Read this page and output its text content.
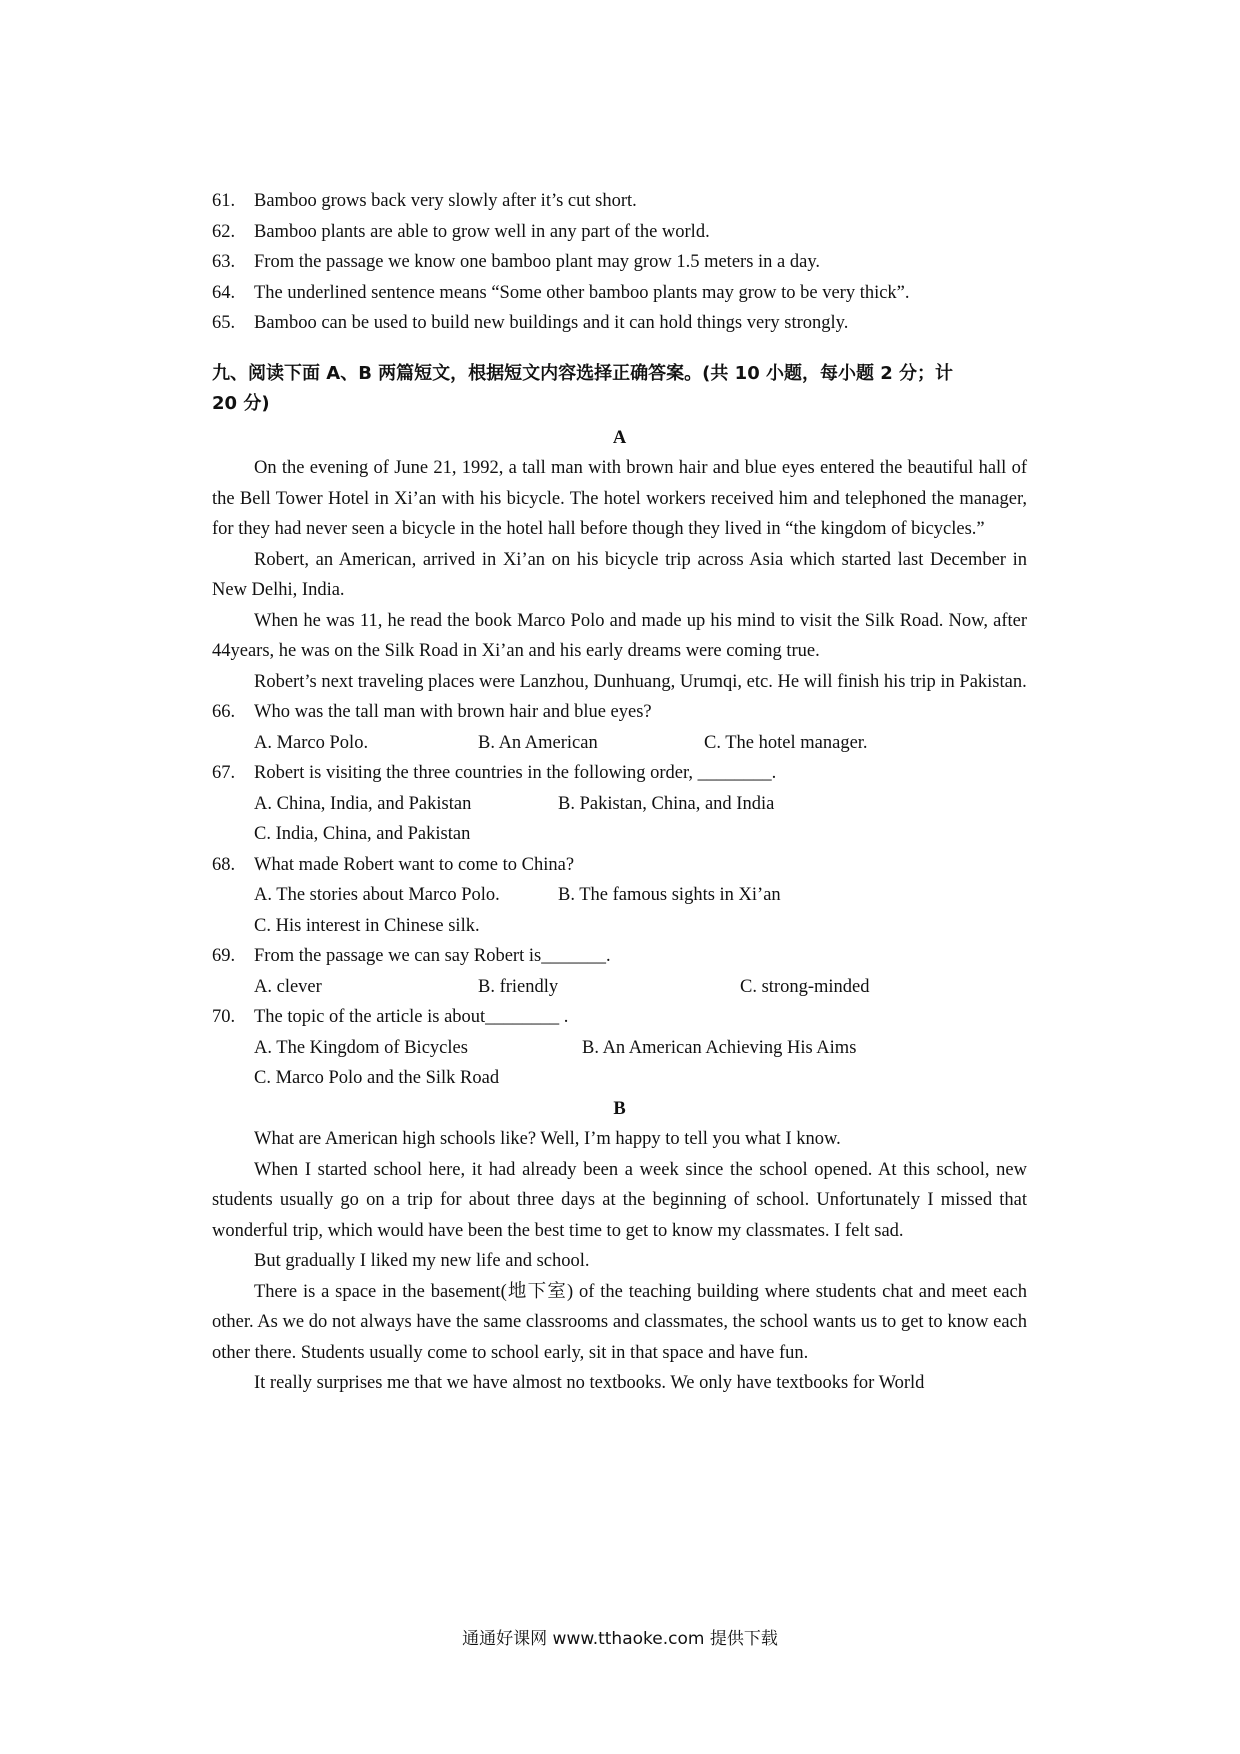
61. Bamboo grows back very slowly after it’s cut short.
62. Bamboo plants are able to grow well in any part of the world.
63. From the passage we know one bamboo plant may grow 1.5 meters in a day.
64. The underlined sentence means “Some other bamboo plants may grow to be very thick”.
65. Bamboo can be used to build new buildings and it can hold things very strongly.
九、阅读下面 A、B 两篇短文，根据短文内容选择正确答案。(共 10 小题，每小题 2 分；计
20 分)
A
On the evening of June 21, 1992, a tall man with brown hair and blue eyes entered the beautiful hall of the Bell Tower Hotel in Xi’an with his bicycle. The hotel workers received him and telephoned the manager, for they had never seen a bicycle in the hotel hall before though they lived in “the kingdom of bicycles.”
Robert, an American, arrived in Xi’an on his bicycle trip across Asia which started last December in New Delhi, India.
When he was 11, he read the book Marco Polo and made up his mind to visit the Silk Road. Now, after 44years, he was on the Silk Road in Xi’an and his early dreams were coming true.
Robert’s next traveling places were Lanzhou, Dunhuang, Urumqi, etc. He will finish his trip in Pakistan.
66. Who was the tall man with brown hair and blue eyes?
A. Marco Polo.	B. An American	C. The hotel manager.
67. Robert is visiting the three countries in the following order, ________.
A. China, India, and Pakistan	B. Pakistan, China, and India
C. India, China, and Pakistan
68. What made Robert want to come to China?
A. The stories about Marco Polo.	B. The famous sights in Xi’an
C. His interest in Chinese silk.
69. From the passage we can say Robert is_______.
A. clever	B. friendly	C. strong-minded
70. The topic of the article is about________ .
A. The Kingdom of Bicycles	B. An American Achieving His Aims
C. Marco Polo and the Silk Road
B
What are American high schools like? Well, I’m happy to tell you what I know.
When I started school here, it had already been a week since the school opened. At this school, new students usually go on a trip for about three days at the beginning of school. Unfortunately I missed that wonderful trip, which would have been the best time to get to know my classmates. I felt sad.
But gradually I liked my new life and school.
There is a space in the basement(地下室) of the teaching building where students chat and meet each other. As we do not always have the same classrooms and classmates, the school wants us to get to know each other there. Students usually come to school early, sit in that space and have fun.
It really surprises me that we have almost no textbooks. We only have textbooks for World
通通好课网 www.tthaoke.com 提供下载
